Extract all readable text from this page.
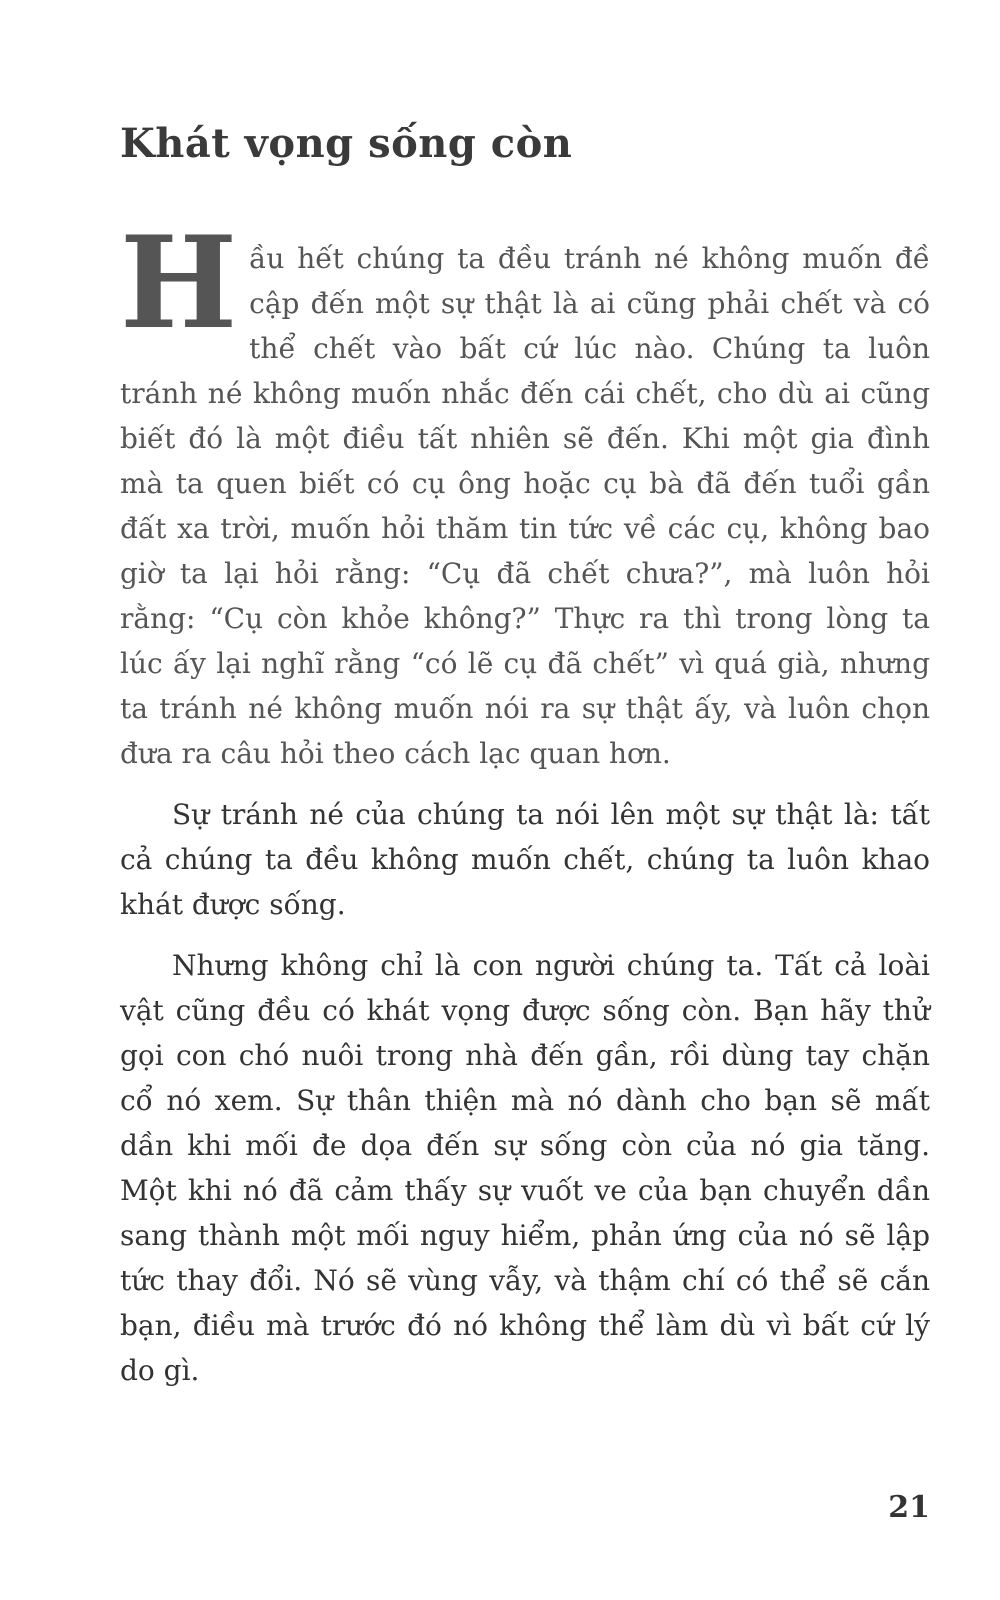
Khát vọng sống còn

Hầu hết chúng ta đều tránh né không muốn đề cập đến một sự thật là ai cũng phải chết và có thể chết vào bất cứ lúc nào. Chúng ta luôn tránh né không muốn nhắc đến cái chết, cho dù ai cũng biết đó là một điều tất nhiên sẽ đến. Khi một gia đình mà ta quen biết có cụ ông hoặc cụ bà đã đến tuổi gần đất xa trời, muốn hỏi thăm tin tức về các cụ, không bao giờ ta lại hỏi rằng: “Cụ đã chết chưa?”, mà luôn hỏi rằng: “Cụ còn khỏe không?” Thực ra thì trong lòng ta lúc ấy lại nghĩ rằng “có lẽ cụ đã chết” vì quá già, nhưng ta tránh né không muốn nói ra sự thật ấy, và luôn chọn đưa ra câu hỏi theo cách lạc quan hơn.

Sự tránh né của chúng ta nói lên một sự thật là: tất cả chúng ta đều không muốn chết, chúng ta luôn khao khát được sống.

Nhưng không chỉ là con người chúng ta. Tất cả loài vật cũng đều có khát vọng được sống còn. Bạn hãy thử gọi con chó nuôi trong nhà đến gần, rồi dùng tay chặn cổ nó xem. Sự thân thiện mà nó dành cho bạn sẽ mất dần khi mối đe dọa đến sự sống còn của nó gia tăng. Một khi nó đã cảm thấy sự vuốt ve của bạn chuyển dần sang thành một mối nguy hiểm, phản ứng của nó sẽ lập tức thay đổi. Nó sẽ vùng vẫy, và thậm chí có thể sẽ cắn bạn, điều mà trước đó nó không thể làm dù vì bất cứ lý do gì.

21
